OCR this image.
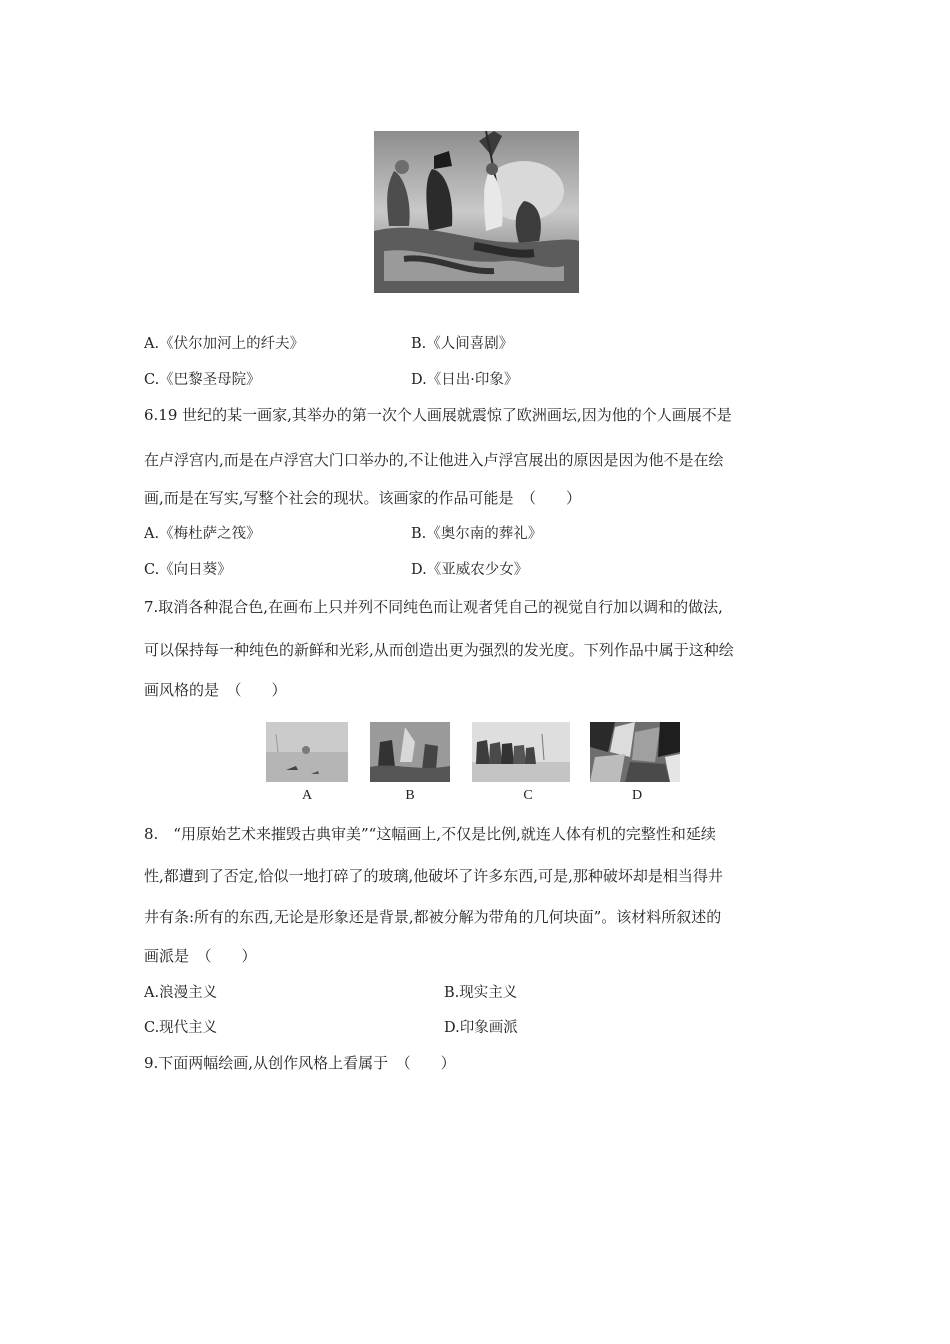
A.《伏尔加河上的纤夫》	B.《人间喜剧》
C.《巴黎圣母院》	D.《日出·印象》
6.19 世纪的某一画家,其举办的第一次个人画展就震惊了欧洲画坛,因为他的个人画展不是
在卢浮宫内,而是在卢浮宫大门口举办的,不让他进入卢浮宫展出的原因是因为他不是在绘
画,而是在写实,写整个社会的现状。该画家的作品可能是　（　　）
A.《梅杜萨之筏》	B.《奥尔南的葬礼》
C.《向日葵》	D.《亚威农少女》
7.取消各种混合色,在画布上只并列不同纯色而让观者凭自己的视觉自行加以调和的做法,
可以保持每一种纯色的新鲜和光彩,从而创造出更为强烈的发光度。下列作品中属于这种绘
画风格的是　（　　）
A	B	C	D
8.　“用原始艺术来摧毁古典审美”“这幅画上,不仅是比例,就连人体有机的完整性和延续
性,都遭到了否定,恰似一地打碎了的玻璃,他破坏了许多东西,可是,那种破坏却是相当得井
井有条:所有的东西,无论是形象还是背景,都被分解为带角的几何块面”。该材料所叙述的
画派是　（　　）
A.浪漫主义	B.现实主义
C.现代主义	D.印象画派
9.下面两幅绘画,从创作风格上看属于　（　　）
